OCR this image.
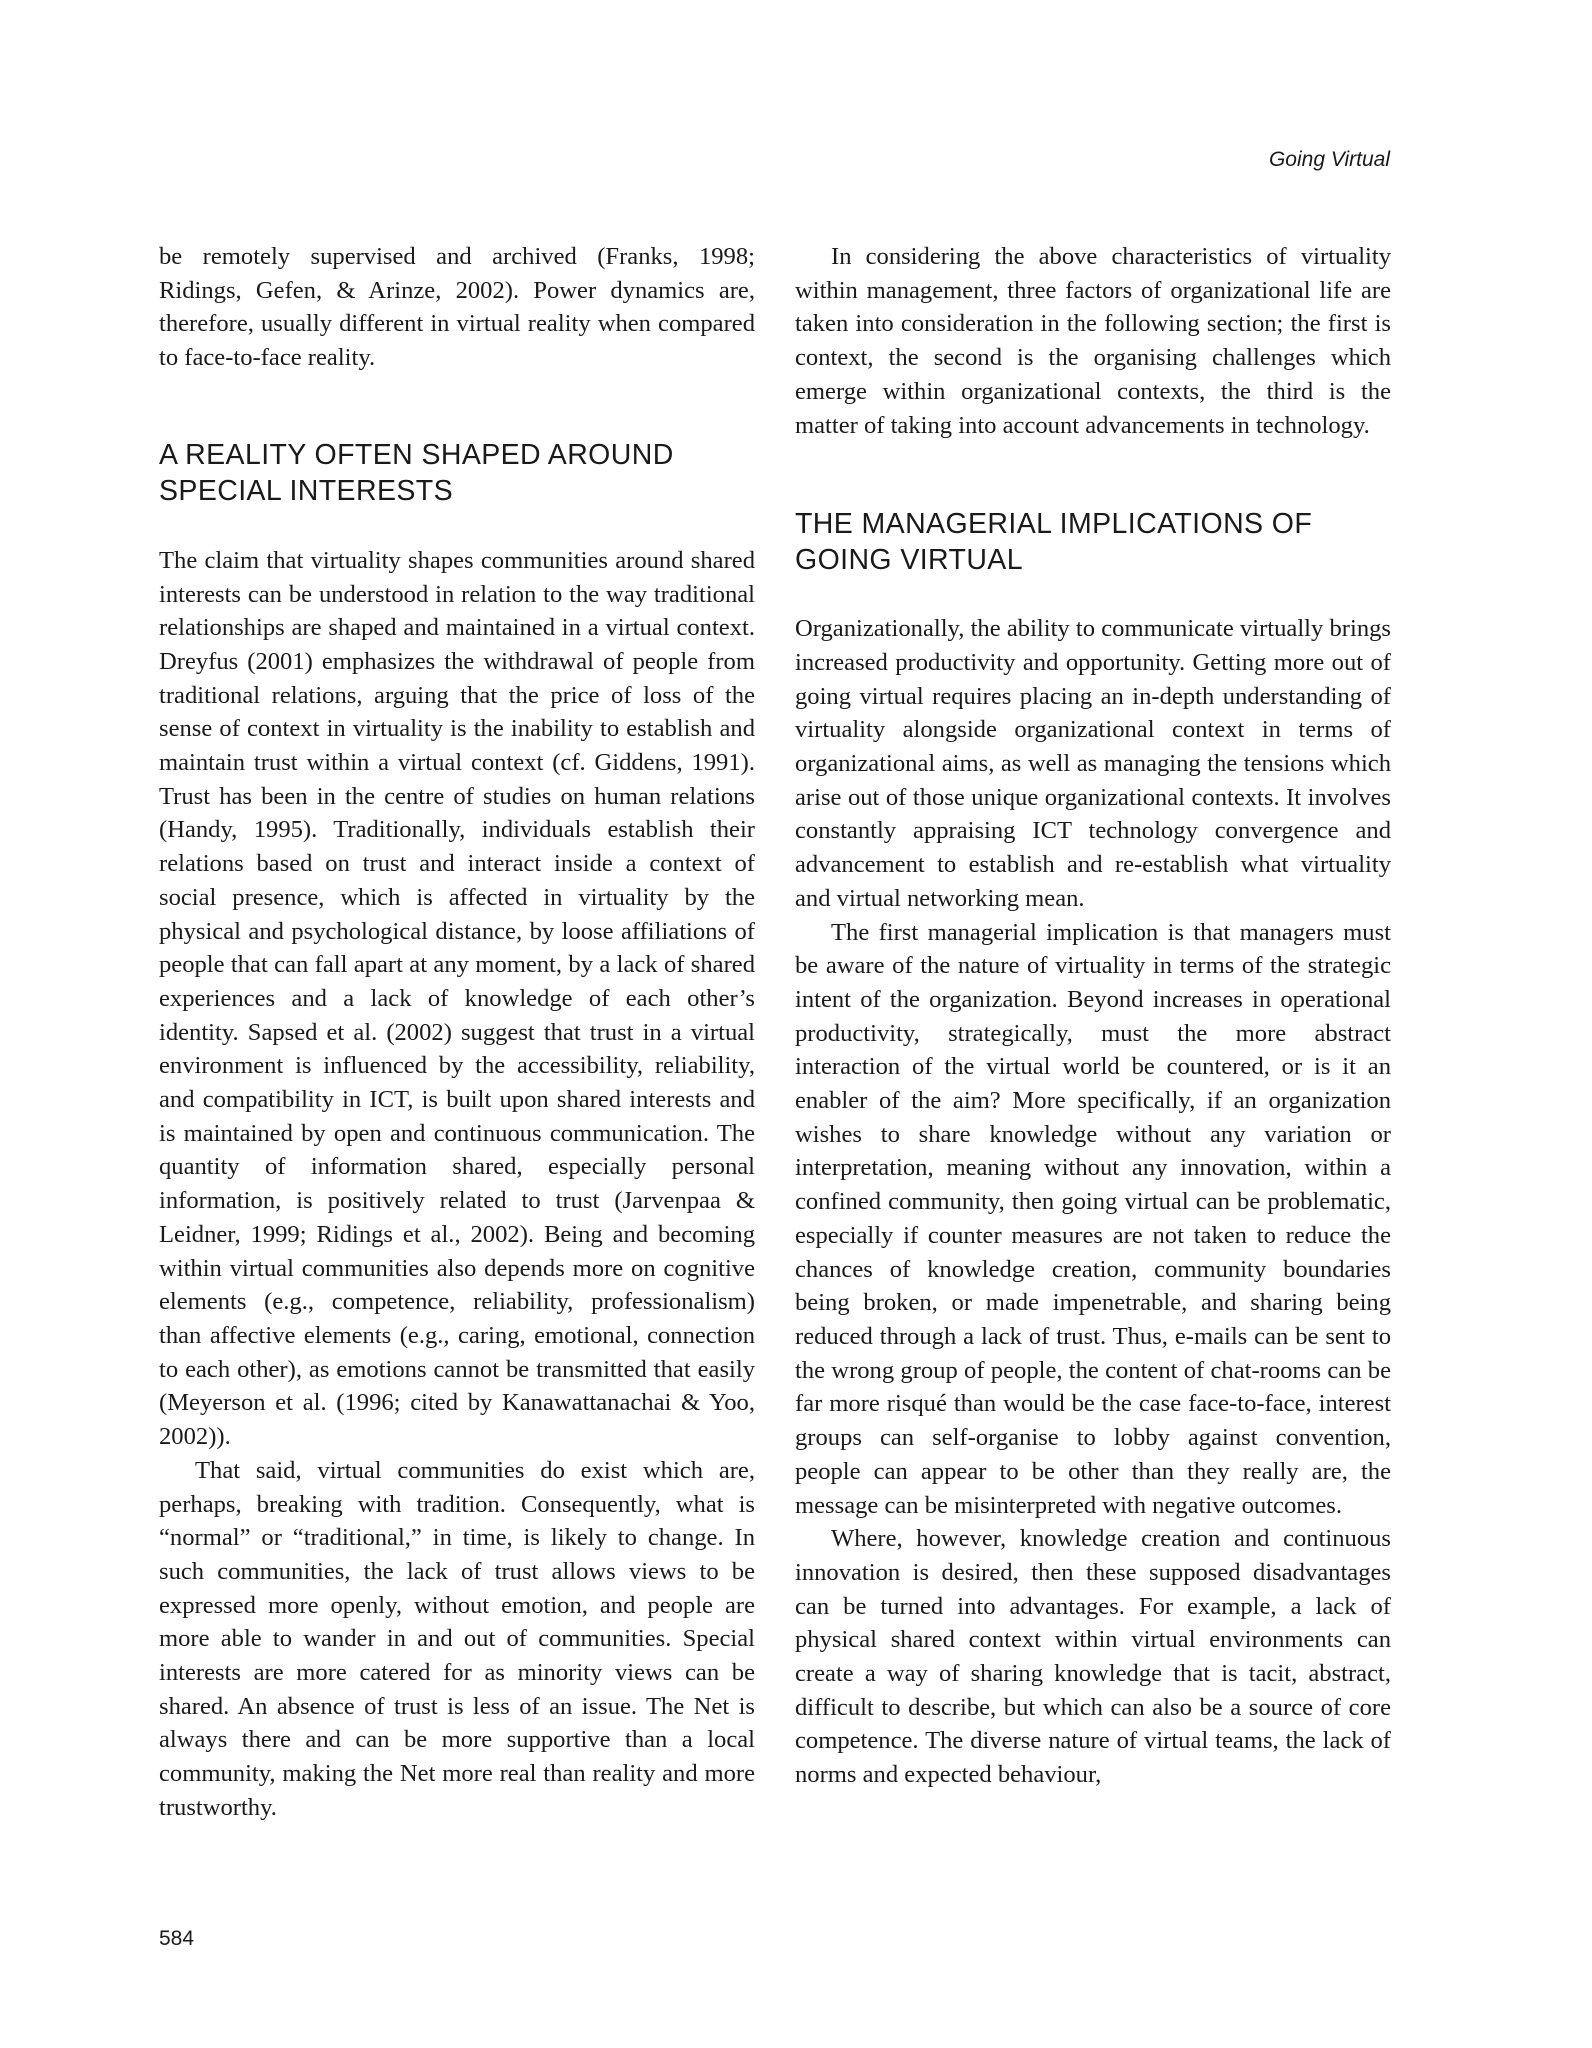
Going Virtual

be remotely supervised and archived (Franks, 1998; Ridings, Gefen, & Arinze, 2002). Power dynamics are, therefore, usually different in virtual reality when compared to face-to-face reality.

A REALITY OFTEN SHAPED AROUND SPECIAL INTERESTS

The claim that virtuality shapes communities around shared interests can be understood in relation to the way traditional relationships are shaped and maintained in a virtual context. Dreyfus (2001) emphasizes the withdrawal of people from traditional relations, arguing that the price of loss of the sense of context in virtuality is the inability to establish and maintain trust within a virtual context (cf. Giddens, 1991). Trust has been in the centre of studies on human relations (Handy, 1995). Traditionally, individuals establish their relations based on trust and interact inside a context of social presence, which is affected in virtuality by the physical and psychological distance, by loose affiliations of people that can fall apart at any moment, by a lack of shared experiences and a lack of knowledge of each other’s identity. Sapsed et al. (2002) suggest that trust in a virtual environment is influenced by the accessibility, reliability, and compatibility in ICT, is built upon shared interests and is maintained by open and continuous communication. The quantity of information shared, especially personal information, is positively related to trust (Jarvenpaa & Leidner, 1999; Ridings et al., 2002). Being and becoming within virtual communities also depends more on cognitive elements (e.g., competence, reliability, professionalism) than affective elements (e.g., caring, emotional, connection to each other), as emotions cannot be transmitted that easily (Meyerson et al. (1996; cited by Kanawattanachai & Yoo, 2002)).

That said, virtual communities do exist which are, perhaps, breaking with tradition. Consequently, what is “normal” or “traditional,” in time, is likely to change. In such communities, the lack of trust allows views to be expressed more openly, without emotion, and people are more able to wander in and out of communities. Special interests are more catered for as minority views can be shared. An absence of trust is less of an issue. The Net is always there and can be more supportive than a local community, making the Net more real than reality and more trustworthy.

In considering the above characteristics of virtuality within management, three factors of organizational life are taken into consideration in the following section; the first is context, the second is the organising challenges which emerge within organizational contexts, the third is the matter of taking into account advancements in technology.

THE MANAGERIAL IMPLICATIONS OF GOING VIRTUAL

Organizationally, the ability to communicate virtually brings increased productivity and opportunity. Getting more out of going virtual requires placing an in-depth understanding of virtuality alongside organizational context in terms of organizational aims, as well as managing the tensions which arise out of those unique organizational contexts. It involves constantly appraising ICT technology convergence and advancement to establish and re-establish what virtuality and virtual networking mean.

The first managerial implication is that managers must be aware of the nature of virtuality in terms of the strategic intent of the organization. Beyond increases in operational productivity, strategically, must the more abstract interaction of the virtual world be countered, or is it an enabler of the aim? More specifically, if an organization wishes to share knowledge without any variation or interpretation, meaning without any innovation, within a confined community, then going virtual can be problematic, especially if counter measures are not taken to reduce the chances of knowledge creation, community boundaries being broken, or made impenetrable, and sharing being reduced through a lack of trust. Thus, e-mails can be sent to the wrong group of people, the content of chat-rooms can be far more risqué than would be the case face-to-face, interest groups can self-organise to lobby against convention, people can appear to be other than they really are, the message can be misinterpreted with negative outcomes.

Where, however, knowledge creation and continuous innovation is desired, then these supposed disadvantages can be turned into advantages. For example, a lack of physical shared context within virtual environments can create a way of sharing knowledge that is tacit, abstract, difficult to describe, but which can also be a source of core competence. The diverse nature of virtual teams, the lack of norms and expected behaviour,

584
